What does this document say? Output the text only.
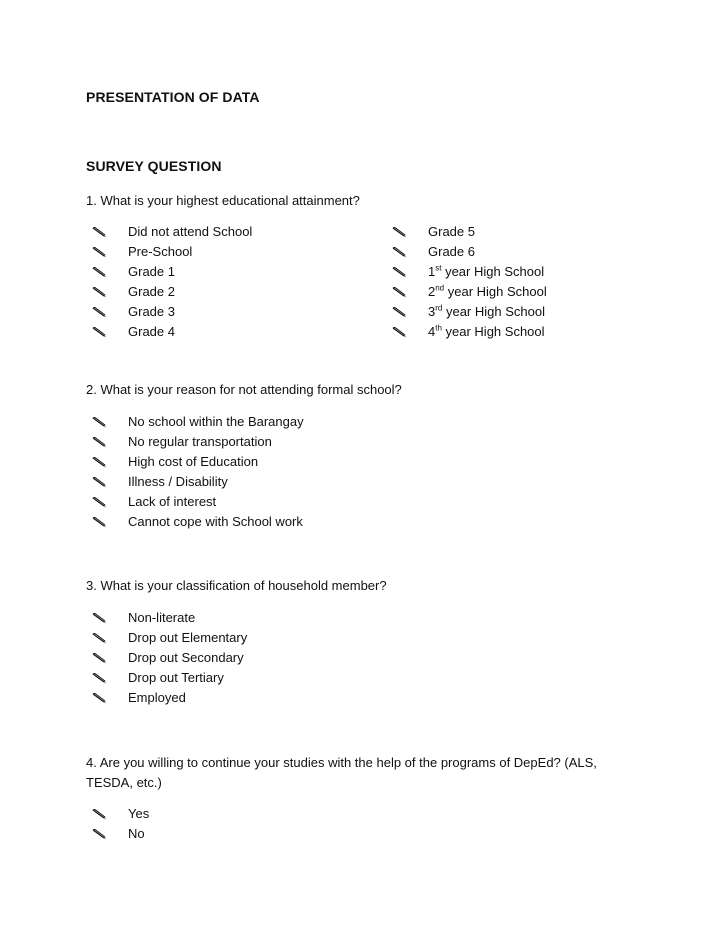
PRESENTATION OF DATA
SURVEY QUESTION
1. What is your highest educational attainment?
Did not attend School
Pre-School
Grade 1
Grade 2
Grade 3
Grade 4
Grade 5
Grade 6
1st year High School
2nd year High School
3rd year High School
4th year High School
2. What is your reason for not attending formal school?
No school within the Barangay
No regular transportation
High cost of Education
Illness / Disability
Lack of interest
Cannot cope with School work
3. What is your classification of household member?
Non-literate
Drop out Elementary
Drop out Secondary
Drop out Tertiary
Employed
4. Are you willing to continue your studies with the help of the programs of DepEd? (ALS, TESDA, etc.)
Yes
No
